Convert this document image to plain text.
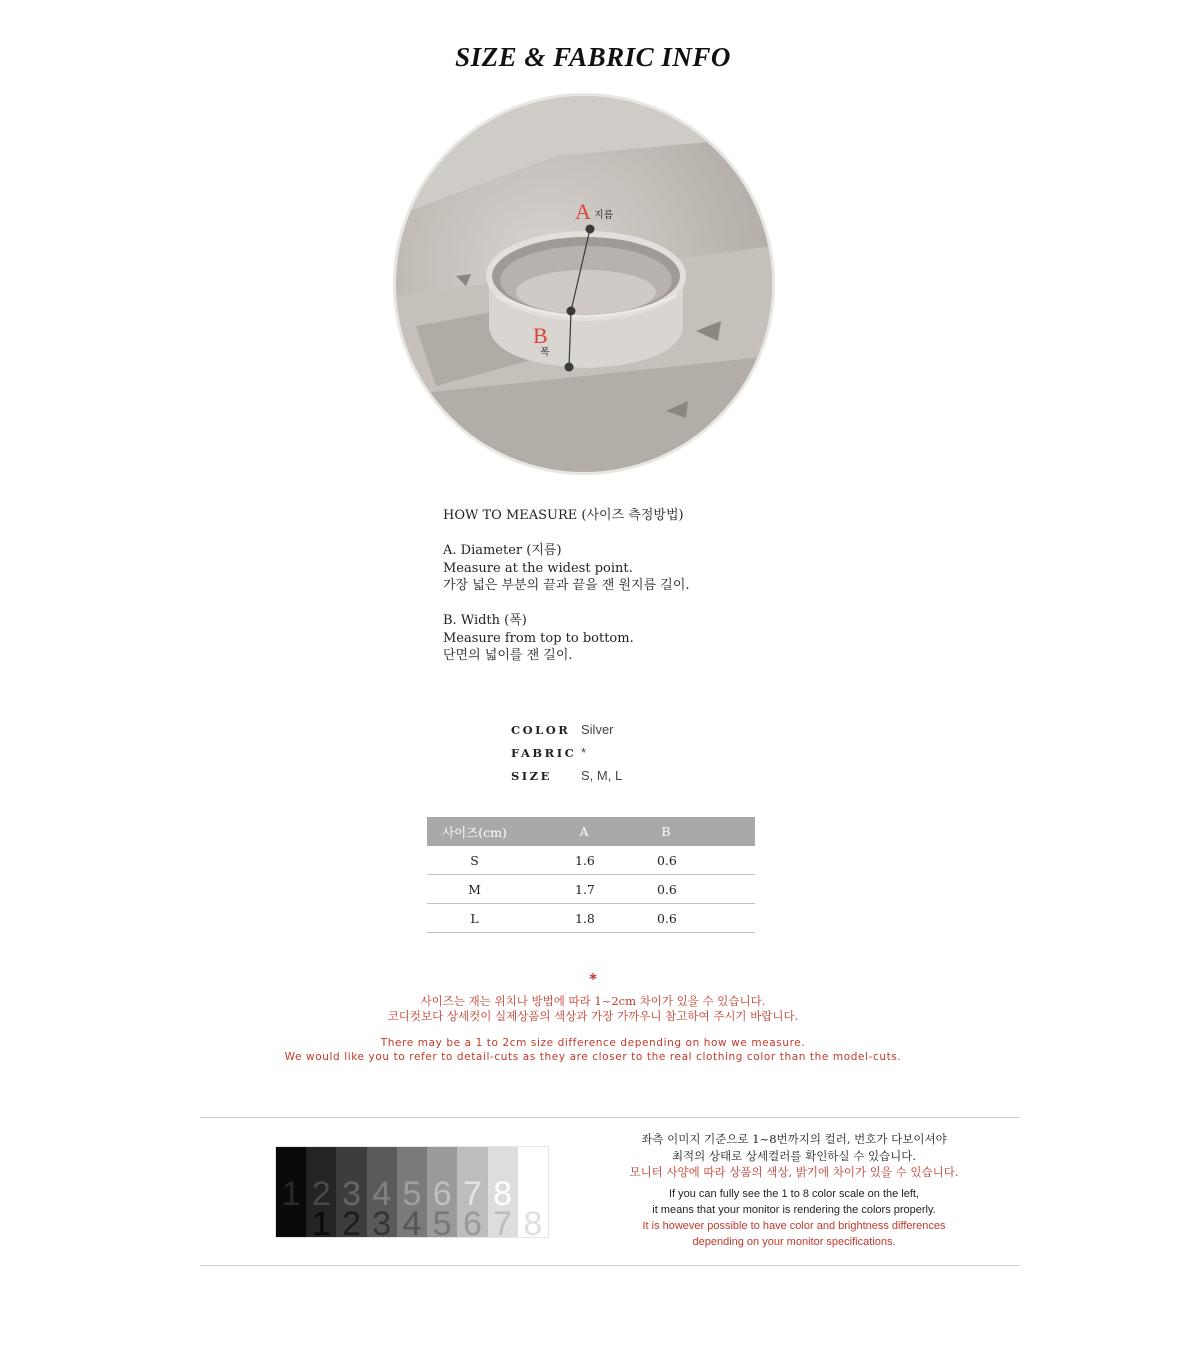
SIZE & FABRIC INFO
A 지름
B
폭
HOW TO MEASURE (사이즈 측정방법)
A. Diameter (지름)
Measure at the widest point.
가장 넓은 부분의 끝과 끝을 잰 원지름 길이.
B. Width (폭)
Measure from top to bottom.
단면의 넓이를 잰 길이.
COLOR Silver
FABRIC *
SIZE	S, M, L
사이즈(cm)	A	B
S	1.6	0.6
M	1.7	0.6
L	1.8	0.6
*
사이즈는 재는 위치나 방법에 따라 1~2cm 차이가 있을 수 있습니다.
코디컷보다 상세컷이 실제상품의 색상과 가장 가까우니 참고하여 주시기 바랍니다.
There may be a 1 to 2cm size difference depending on how we measure.
We would like you to refer to detail-cuts as they are closer to the real clothing color than the model-cuts.
1 2
1
3
2
4
3
5
4
6
5
7
6
8
7 8
좌측 이미지 기준으로 1~8번까지의 컬러, 번호가 다보이셔야
최적의 상태로 상세컬러를 확인하실 수 있습니다.
모니터 사양에 따라 상품의 색상, 밝기에 차이가 있을 수 있습니다.
If you can fully see the 1 to 8 color scale on the left,
it means that your monitor is rendering the colors properly.
It is however possible to have color and brightness differences
depending on your monitor specifications.
